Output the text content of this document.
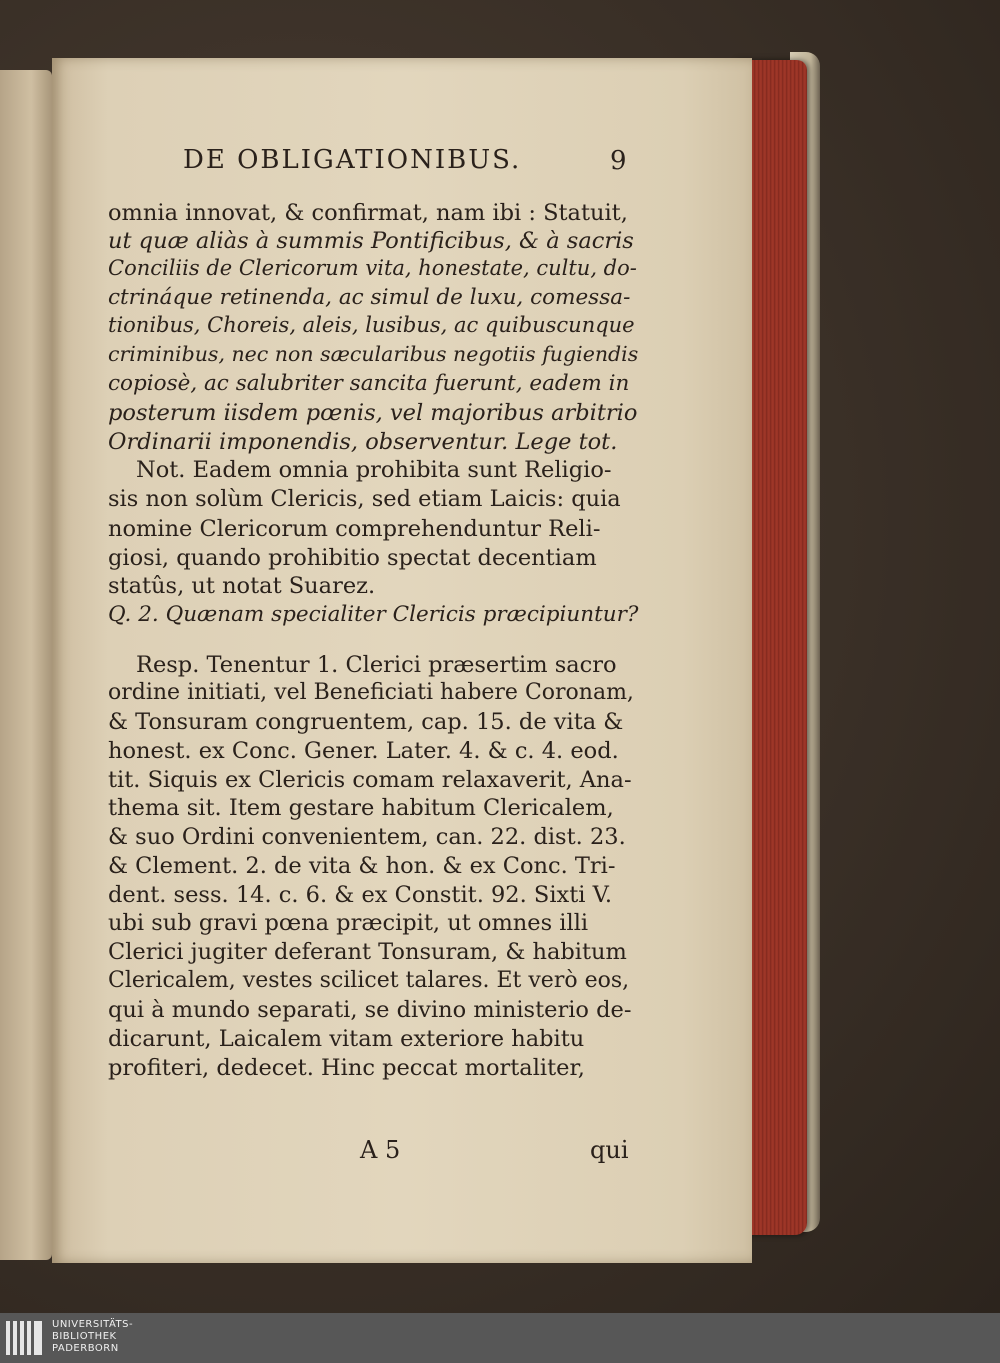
DE OBLIGATIONIBUS.	9
omnia innovat, & confirmat, nam ibi : Statuit,
ut quæ aliàs à summis Pontificibus, & à sacris
Conciliis de Clericorum vita, honestate, cultu, do-
ctrináque retinenda, ac simul de luxu, comessa-
tionibus, Choreis, aleis, lusibus, ac quibuscunque
criminibus, nec non sæcularibus negotiis fugiendis
copiosè, ac salubriter sancita fuerunt, eadem in
posterum iisdem pœnis, vel majoribus arbitrio
Ordinarii imponendis, observentur. Lege tot.
Not. Eadem omnia prohibita sunt Religio-
sis non solùm Clericis, sed etiam Laicis: quia
nomine Clericorum comprehenduntur Reli-
giosi, quando prohibitio spectat decentiam
statûs, ut notat Suarez.
Q. 2. Quænam specialiter Clericis præcipiuntur?
Resp. Tenentur 1. Clerici præsertim sacro
ordine initiati, vel Beneficiati habere Coronam,
& Tonsuram congruentem, cap. 15. de vita &
honest. ex Conc. Gener. Later. 4. & c. 4. eod.
tit. Siquis ex Clericis comam relaxaverit, Ana-
thema sit. Item gestare habitum Clericalem,
& suo Ordini convenientem, can. 22. dist. 23.
& Clement. 2. de vita & hon. & ex Conc. Tri-
dent. sess. 14. c. 6. & ex Constit. 92. Sixti V.
ubi sub gravi pœna præcipit, ut omnes illi
Clerici jugiter deferant Tonsuram, & habitum
Clericalem, vestes scilicet talares. Et verò eos,
qui à mundo separati, se divino ministerio de-
dicarunt, Laicalem vitam exteriore habitu
profiteri, dedecet. Hinc peccat mortaliter,
A 5	qui
UNIVERSITÄTS-
BIBLIOTHEK
PADERBORN
